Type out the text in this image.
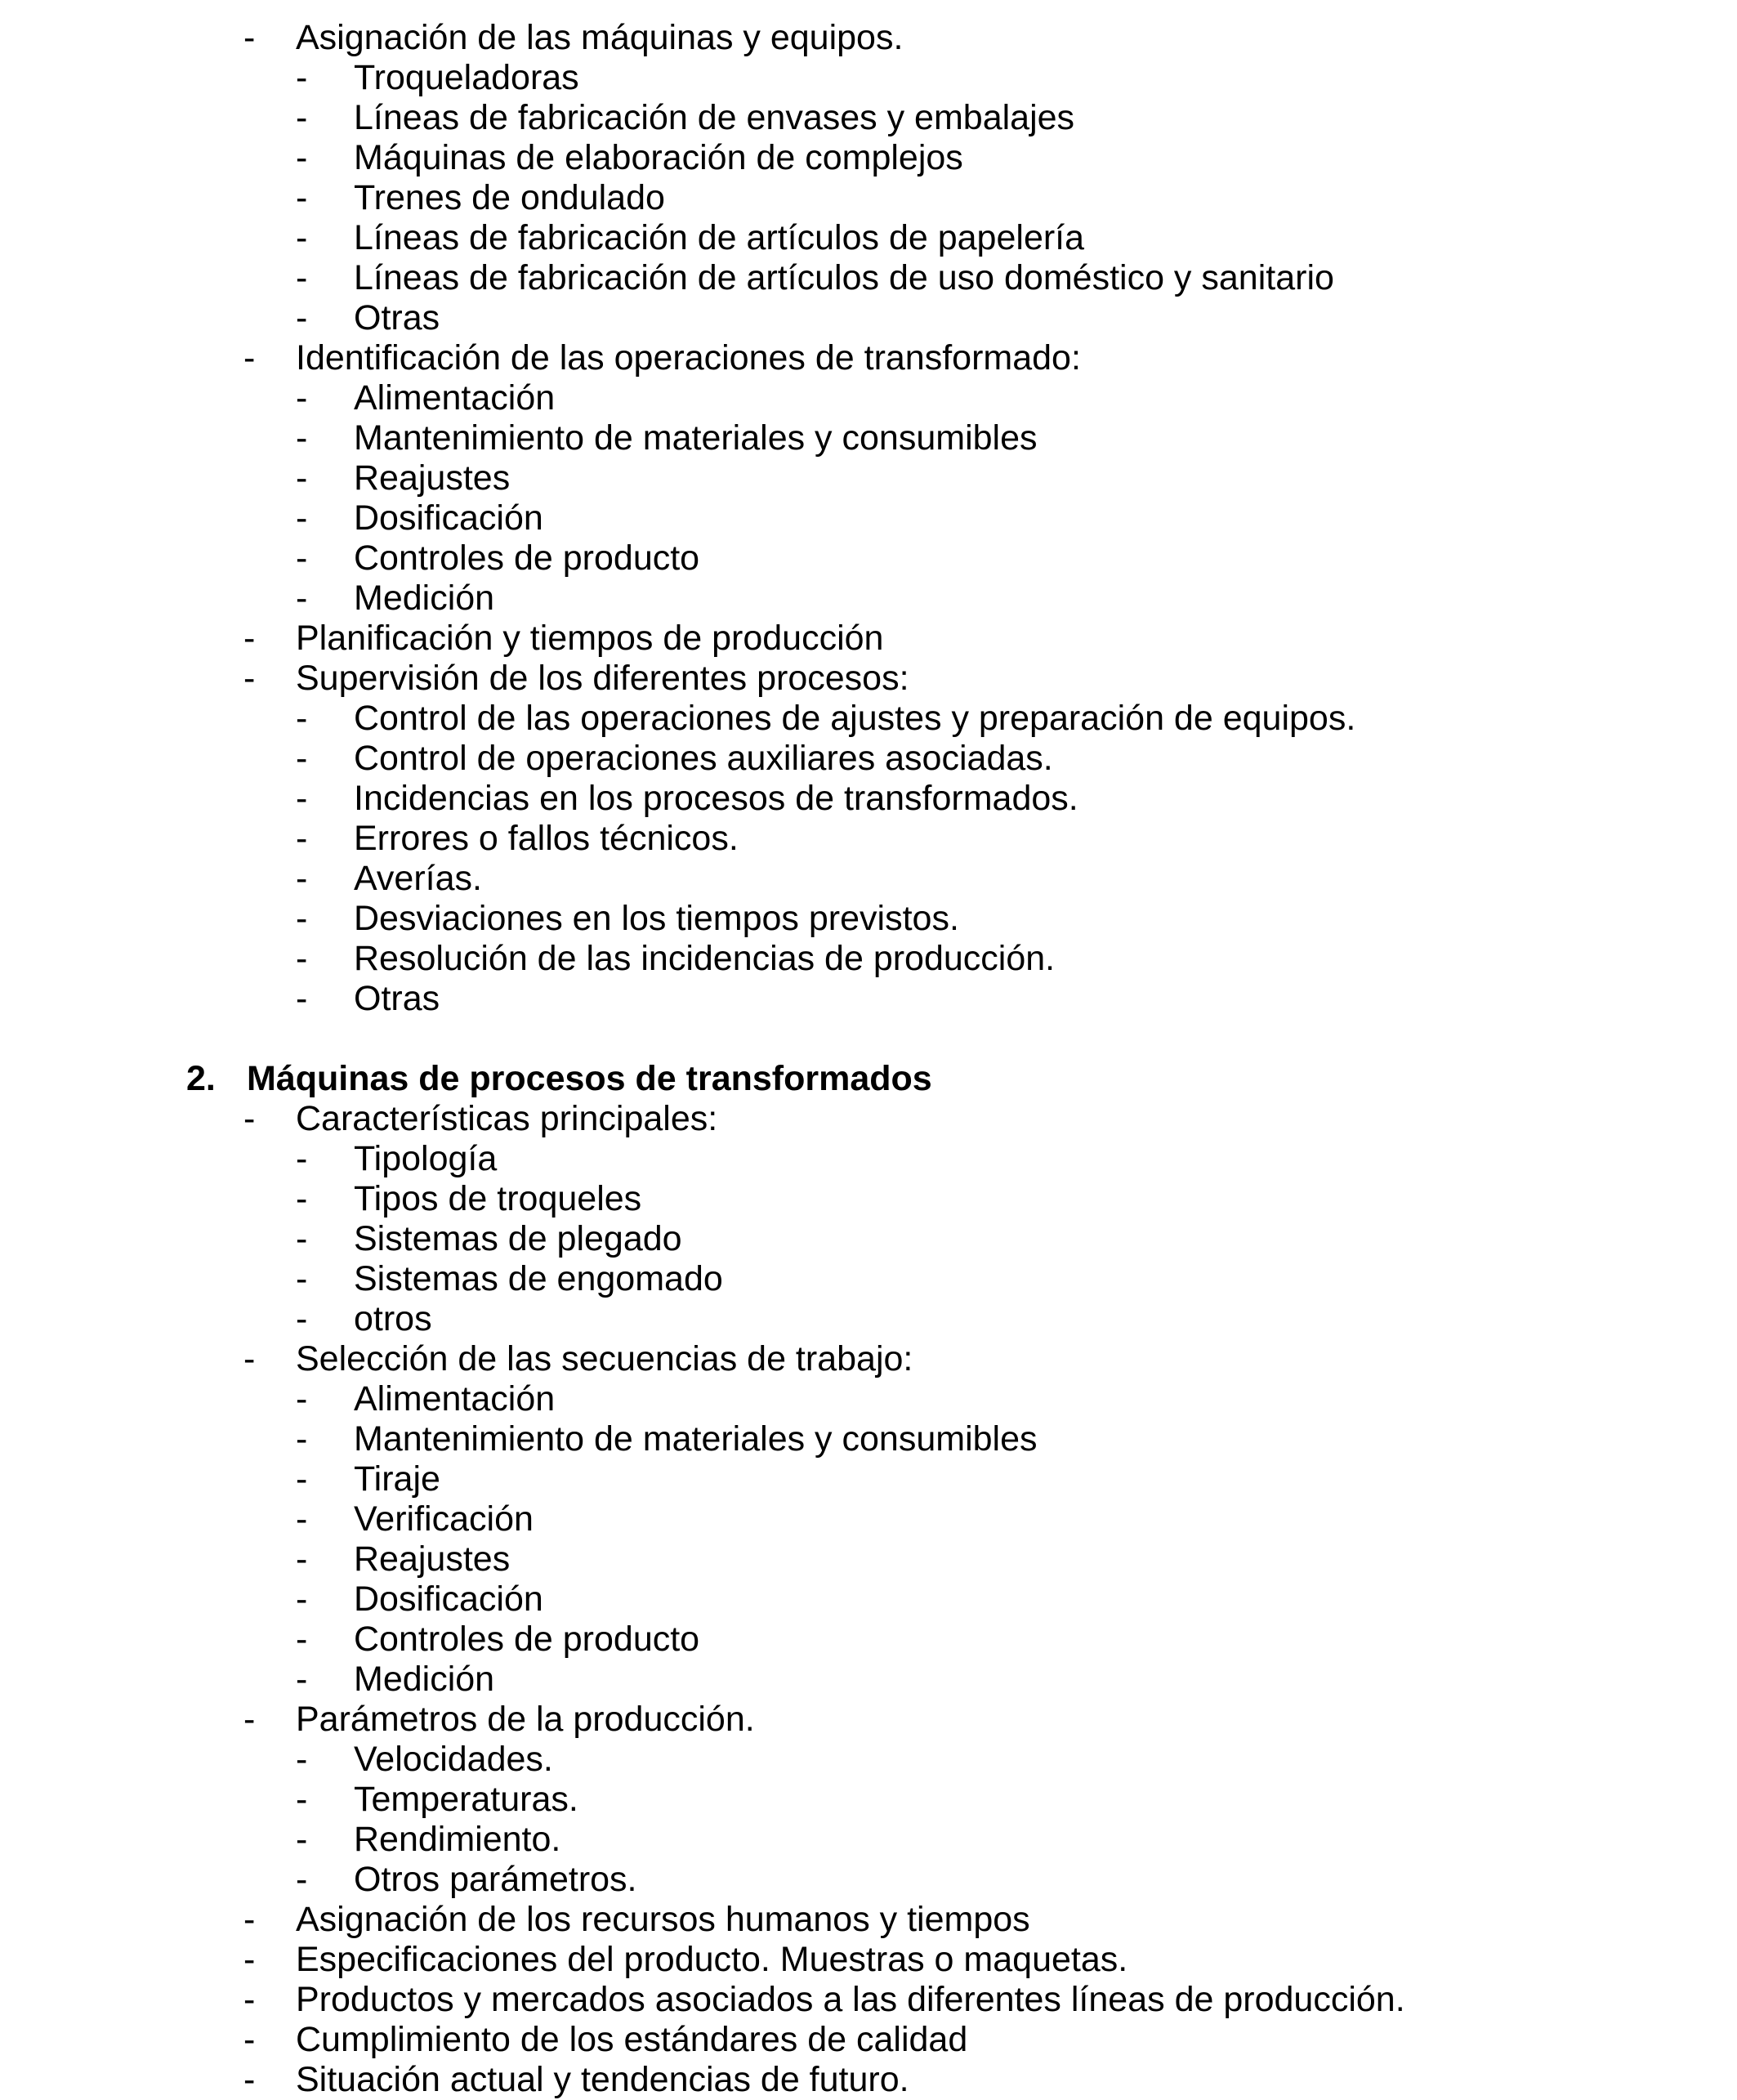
-	Asignación de las máquinas y equipos.
-	Troqueladoras
-	Líneas de fabricación de envases y embalajes
-	Máquinas de elaboración de complejos
-	Trenes de ondulado
-	Líneas de fabricación de artículos de papelería
-	Líneas de fabricación de artículos de uso doméstico y sanitario
-	Otras
-	Identificación de las operaciones de transformado:
-	Alimentación
-	Mantenimiento de materiales y consumibles
-	Reajustes
-	Dosificación
-	Controles de producto
-	Medición
-	Planificación y tiempos de producción
-	Supervisión de los diferentes procesos:
-	Control de las operaciones de ajustes y preparación de equipos.
-	Control de operaciones auxiliares asociadas.
-	Incidencias en los procesos de transformados.
-	Errores o fallos técnicos.
-	Averías.
-	Desviaciones en los tiempos previstos.
-	Resolución de las incidencias de producción.
-	Otras
2. Máquinas de procesos de transformados
-	Características principales:
-	Tipología
-	Tipos de troqueles
-	Sistemas de plegado
-	Sistemas de engomado
-	otros
-	Selección de las secuencias de trabajo:
-	Alimentación
-	Mantenimiento de materiales y consumibles
-	Tiraje
-	Verificación
-	Reajustes
-	Dosificación
-	Controles de producto
-	Medición
-	Parámetros de la producción.
-	Velocidades.
-	Temperaturas.
-	Rendimiento.
-	Otros parámetros.
-	Asignación de los recursos humanos y tiempos
-	Especificaciones del producto. Muestras o maquetas.
-	Productos y mercados asociados a las diferentes líneas de producción.
-	Cumplimiento de los estándares de calidad
-	Situación actual y tendencias de futuro.
